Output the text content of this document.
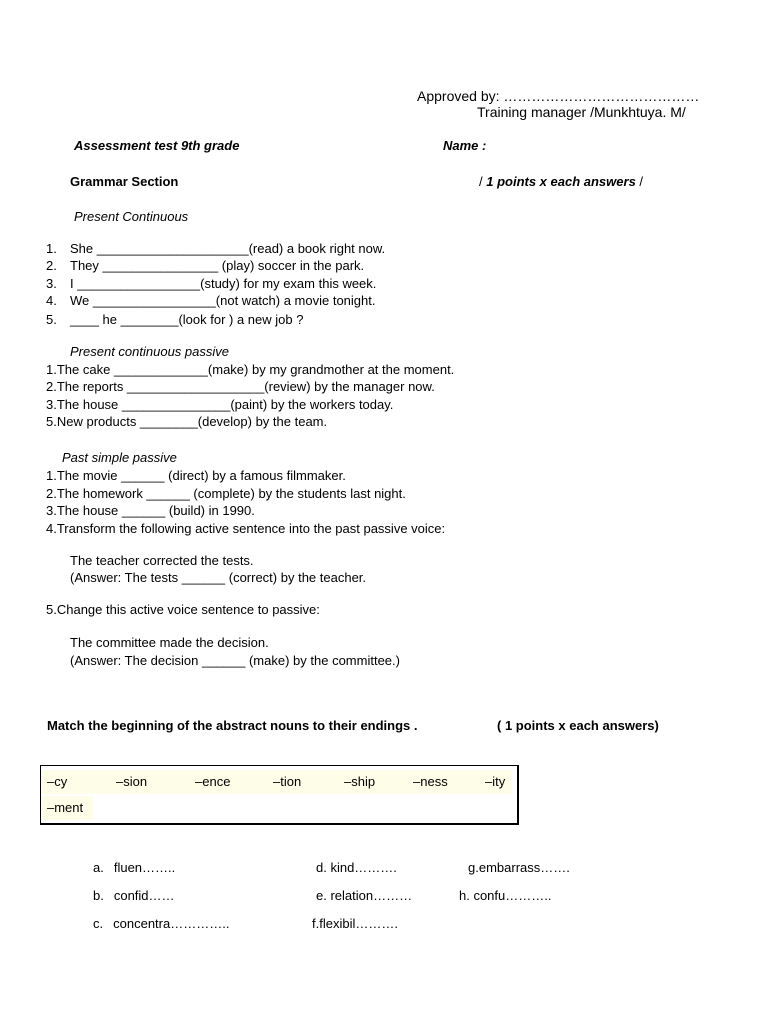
Approved by: ……………………………………
Training manager /Munkhtuya. M/
Assessment test 9th grade	Name :
Grammar Section	/ 1 points x each answers /
Present Continuous
1.	She _____________________(read) a book right now.
2.	They ________________ (play) soccer in the park.
3.	I _________________(study) for my exam this week.
4.	We _________________(not watch) a movie tonight.
5.	____ he ________(look for ) a new job ?
Present continuous passive
1.The cake _____________(make) by my grandmother at the moment.
2.The reports ___________________(review) by the manager now.
3.The house _______________(paint) by the workers today.
5.New products ________(develop) by the team.
Past simple passive
1.The movie ______ (direct) by a famous filmmaker.
2.The homework ______ (complete) by the students last night.
3.The house ______ (build) in 1990.
4.Transform the following active sentence into the past passive voice:
The teacher corrected the tests.
(Answer: The tests ______ (correct) by the teacher.
5.Change this active voice sentence to passive:
The committee made the decision.
(Answer: The decision ______ (make) by the committee.)
Match the beginning of the abstract nouns to their endings .	( 1 points x each answers)
–cy	–sion	–ence	–tion	–ship	–ness	–ity
–ment
a. fluen……..
b. confid……
c. concentra…………..
d. kind……….
e. relation………
f.flexibil……….
g.embarrass…….
h. confu………..
